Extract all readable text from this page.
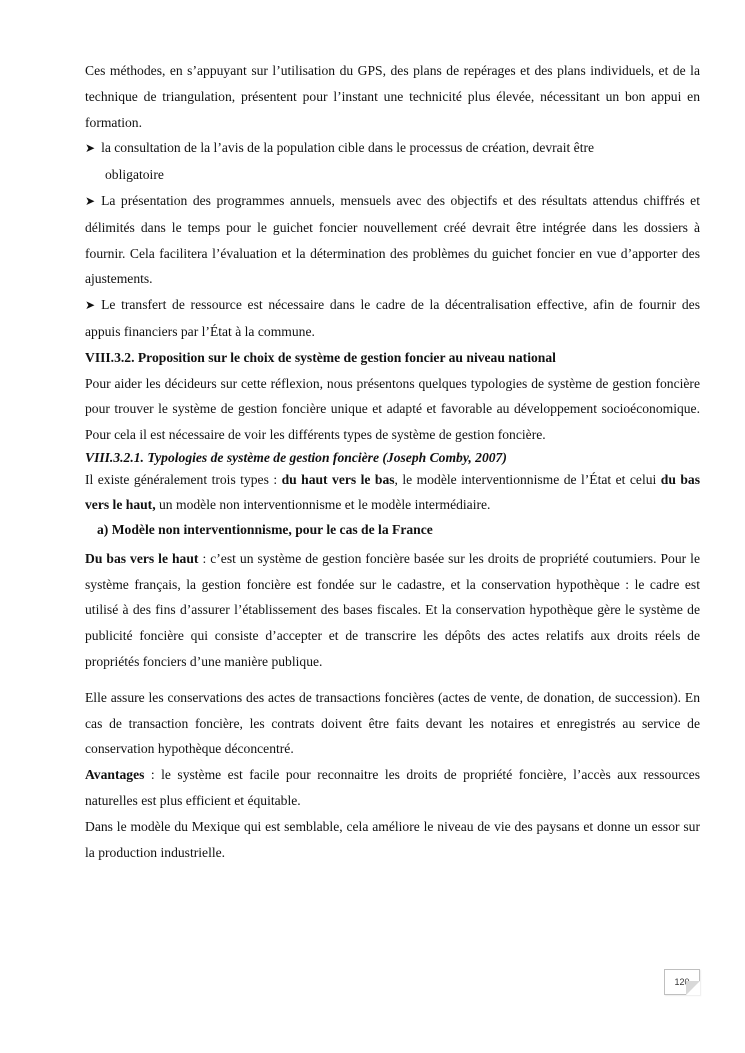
Ces méthodes, en s’appuyant sur l’utilisation du GPS, des plans de repérages et des plans individuels, et de la technique de triangulation, présentent pour l’instant une technicité plus élevée, nécessitant un bon appui en formation.

➤ la consultation de la l’avis de la population cible dans le processus de création, devrait être

obligatoire

➤ La présentation des programmes annuels, mensuels avec des objectifs et des résultats attendus chiffrés et délimités dans le temps pour le guichet foncier nouvellement créé devrait être intégrée dans les dossiers à fournir. Cela facilitera l’évaluation et la détermination des problèmes du guichet foncier en vue d’apporter des ajustements.

➤ Le transfert de ressource est nécessaire dans le cadre de la décentralisation effective, afin de fournir des appuis financiers par l’État à la commune.

VIII.3.2. Proposition sur le choix de système de gestion foncier au niveau national

Pour aider les décideurs sur cette réflexion, nous présentons quelques typologies de système de gestion foncière pour trouver le système de gestion foncière unique et adapté et favorable au développement socioéconomique. Pour cela il est nécessaire de voir les différents types de système de gestion foncière.

VIII.3.2.1. Typologies de système de gestion foncière (Joseph Comby, 2007)

Il existe généralement trois types : du haut vers le bas, le modèle interventionnisme de l’État et celui du bas vers le haut, un modèle non interventionnisme et le modèle intermédiaire.

a) Modèle non interventionnisme, pour le cas de la France

Du bas vers le haut : c’est un système de gestion foncière basée sur les droits de propriété coutumiers. Pour le système français, la gestion foncière est fondée sur le cadastre, et la conservation hypothèque : le cadre est utilisé à des fins d’assurer l’établissement des bases fiscales. Et la conservation hypothèque gère le système de publicité foncière qui consiste d’accepter et de transcrire les dépôts des actes relatifs aux droits réels de propriétés fonciers d’une manière publique.

Elle assure les conservations des actes de transactions foncières (actes de vente, de donation, de succession). En cas de transaction foncière, les contrats doivent être faits devant les notaires et enregistrés au service de conservation hypothèque déconcentré.

Avantages : le système est facile pour reconnaitre les droits de propriété foncière, l’accès aux ressources naturelles est plus efficient et équitable.

Dans le modèle du Mexique qui est semblable, cela améliore le niveau de vie des paysans et donne un essor sur la production industrielle.

120
